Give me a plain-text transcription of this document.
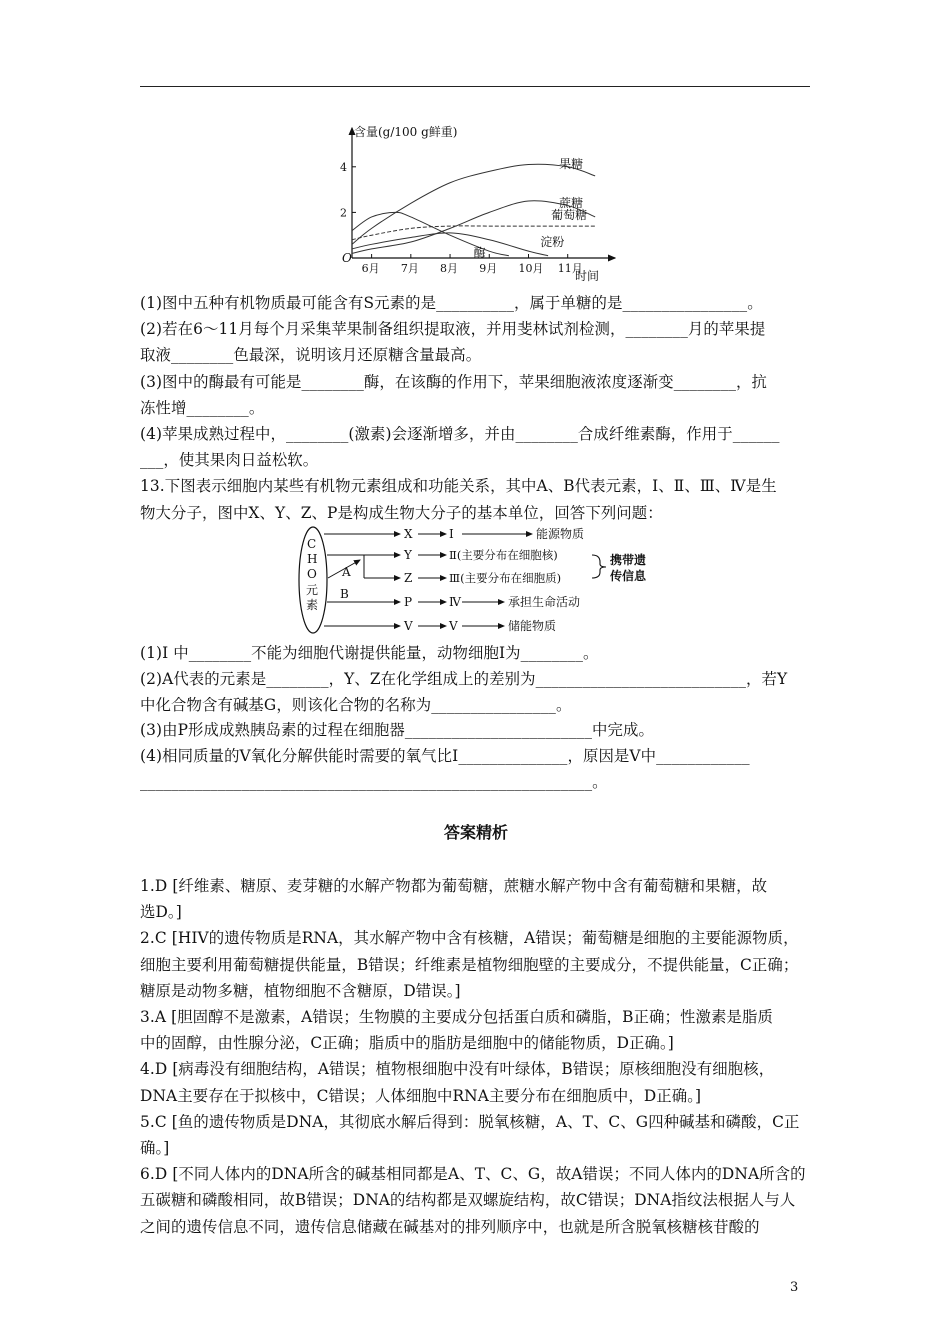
含量(g/100 g鲜重)
O
时间
2
4
6月 7月 8月 9月 10月 11月
果糖
蔗糖
葡萄糖
淀粉
酶
(1)图中五种有机物质最可能含有S元素的是__________，属于单糖的是________________。
(2)若在6～11月每个月采集苹果制备组织提取液，并用斐林试剂检测，________月的苹果提
取液________色最深，说明该月还原糖含量最高。
(3)图中的酶最有可能是________酶，在该酶的作用下，苹果细胞液浓度逐渐变________，抗
冻性增________。
(4)苹果成熟过程中，________(激素)会逐渐增多，并由________合成纤维素酶，作用于______
___，使其果肉日益松软。
13.下图表示细胞内某些有机物元素组成和功能关系，其中A、B代表元素，Ⅰ、Ⅱ、Ⅲ、Ⅳ是生
物大分子，图中X、Y、Z、P是构成生物大分子的基本单位，回答下列问题：
C
H
O
元
素
A
B
X	Ⅰ	能源物质
Y	Ⅱ(主要分布在细胞核)
Z	Ⅲ(主要分布在细胞质)
携带遗
传信息
P	Ⅳ	承担生命活动
V	Ⅴ	储能物质
(1)Ⅰ 中________不能为细胞代谢提供能量，动物细胞Ⅰ为________。
(2)A代表的元素是________，Y、Z在化学组成上的差别为___________________________，若Y
中化合物含有碱基G，则该化合物的名称为________________。
(3)由P形成成熟胰岛素的过程在细胞器________________________中完成。
(4)相同质量的Ⅴ氧化分解供能时需要的氧气比Ⅰ______________，原因是Ⅴ中____________
__________________________________________________________。
答案精析
1.D [纤维素、糖原、麦芽糖的水解产物都为葡萄糖，蔗糖水解产物中含有葡萄糖和果糖，故
选D。]
2.C [HIV的遗传物质是RNA，其水解产物中含有核糖，A错误；葡萄糖是细胞的主要能源物质，
细胞主要利用葡萄糖提供能量，B错误；纤维素是植物细胞壁的主要成分，不提供能量，C正确；
糖原是动物多糖，植物细胞不含糖原，D错误。]
3.A [胆固醇不是激素，A错误；生物膜的主要成分包括蛋白质和磷脂，B正确；性激素是脂质
中的固醇，由性腺分泌，C正确；脂质中的脂肪是细胞中的储能物质，D正确。]
4.D [病毒没有细胞结构，A错误；植物根细胞中没有叶绿体，B错误；原核细胞没有细胞核，
DNA主要存在于拟核中，C错误；人体细胞中RNA主要分布在细胞质中，D正确。]
5.C [鱼的遗传物质是DNA，其彻底水解后得到：脱氧核糖，A、T、C、G四种碱基和磷酸，C正
确。]
6.D [不同人体内的DNA所含的碱基相同都是A、T、C、G，故A错误；不同人体内的DNA所含的
五碳糖和磷酸相同，故B错误；DNA的结构都是双螺旋结构，故C错误；DNA指纹法根据人与人
之间的遗传信息不同，遗传信息储藏在碱基对的排列顺序中，也就是所含脱氧核糖核苷酸的
3
